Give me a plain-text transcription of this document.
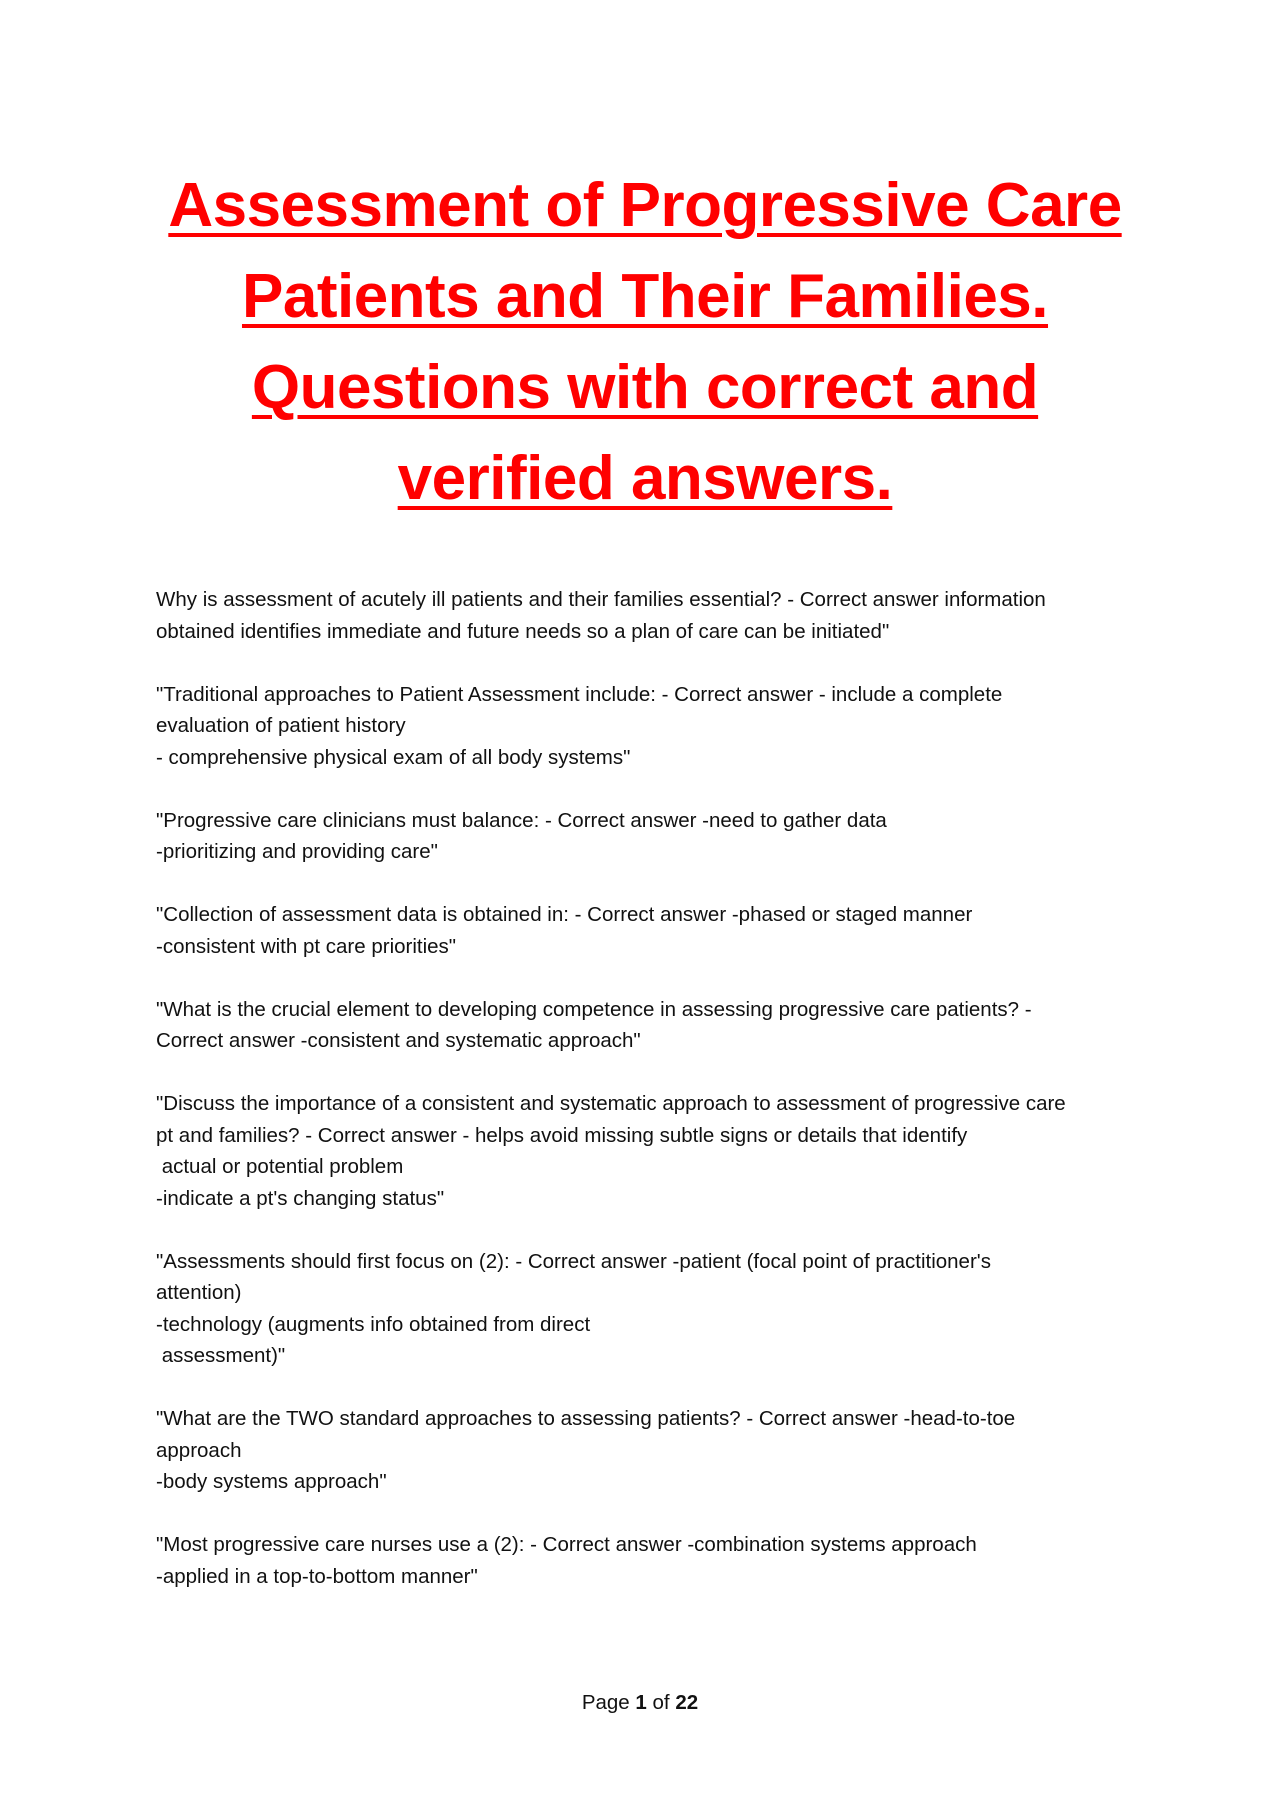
Assessment of Progressive Care
Patients and Their Families.
Questions with correct and
verified answers.

Why is assessment of acutely ill patients and their families essential? - Correct answer information
obtained identifies immediate and future needs so a plan of care can be initiated"

"Traditional approaches to Patient Assessment include: - Correct answer - include a complete
evaluation of patient history
- comprehensive physical exam of all body systems"

"Progressive care clinicians must balance: - Correct answer -need to gather data
-prioritizing and providing care"

"Collection of assessment data is obtained in: - Correct answer -phased or staged manner
-consistent with pt care priorities"

"What is the crucial element to developing competence in assessing progressive care patients? -
Correct answer -consistent and systematic approach"

"Discuss the importance of a consistent and systematic approach to assessment of progressive care
pt and families? - Correct answer - helps avoid missing subtle signs or details that identify
actual or potential problem
-indicate a pt's changing status"

"Assessments should first focus on (2): - Correct answer -patient (focal point of practitioner's
attention)
-technology (augments info obtained from direct
assessment)"

"What are the TWO standard approaches to assessing patients? - Correct answer -head-to-toe
approach
-body systems approach"

"Most progressive care nurses use a (2): - Correct answer -combination systems approach
-applied in a top-to-bottom manner"

Page 1 of 22
